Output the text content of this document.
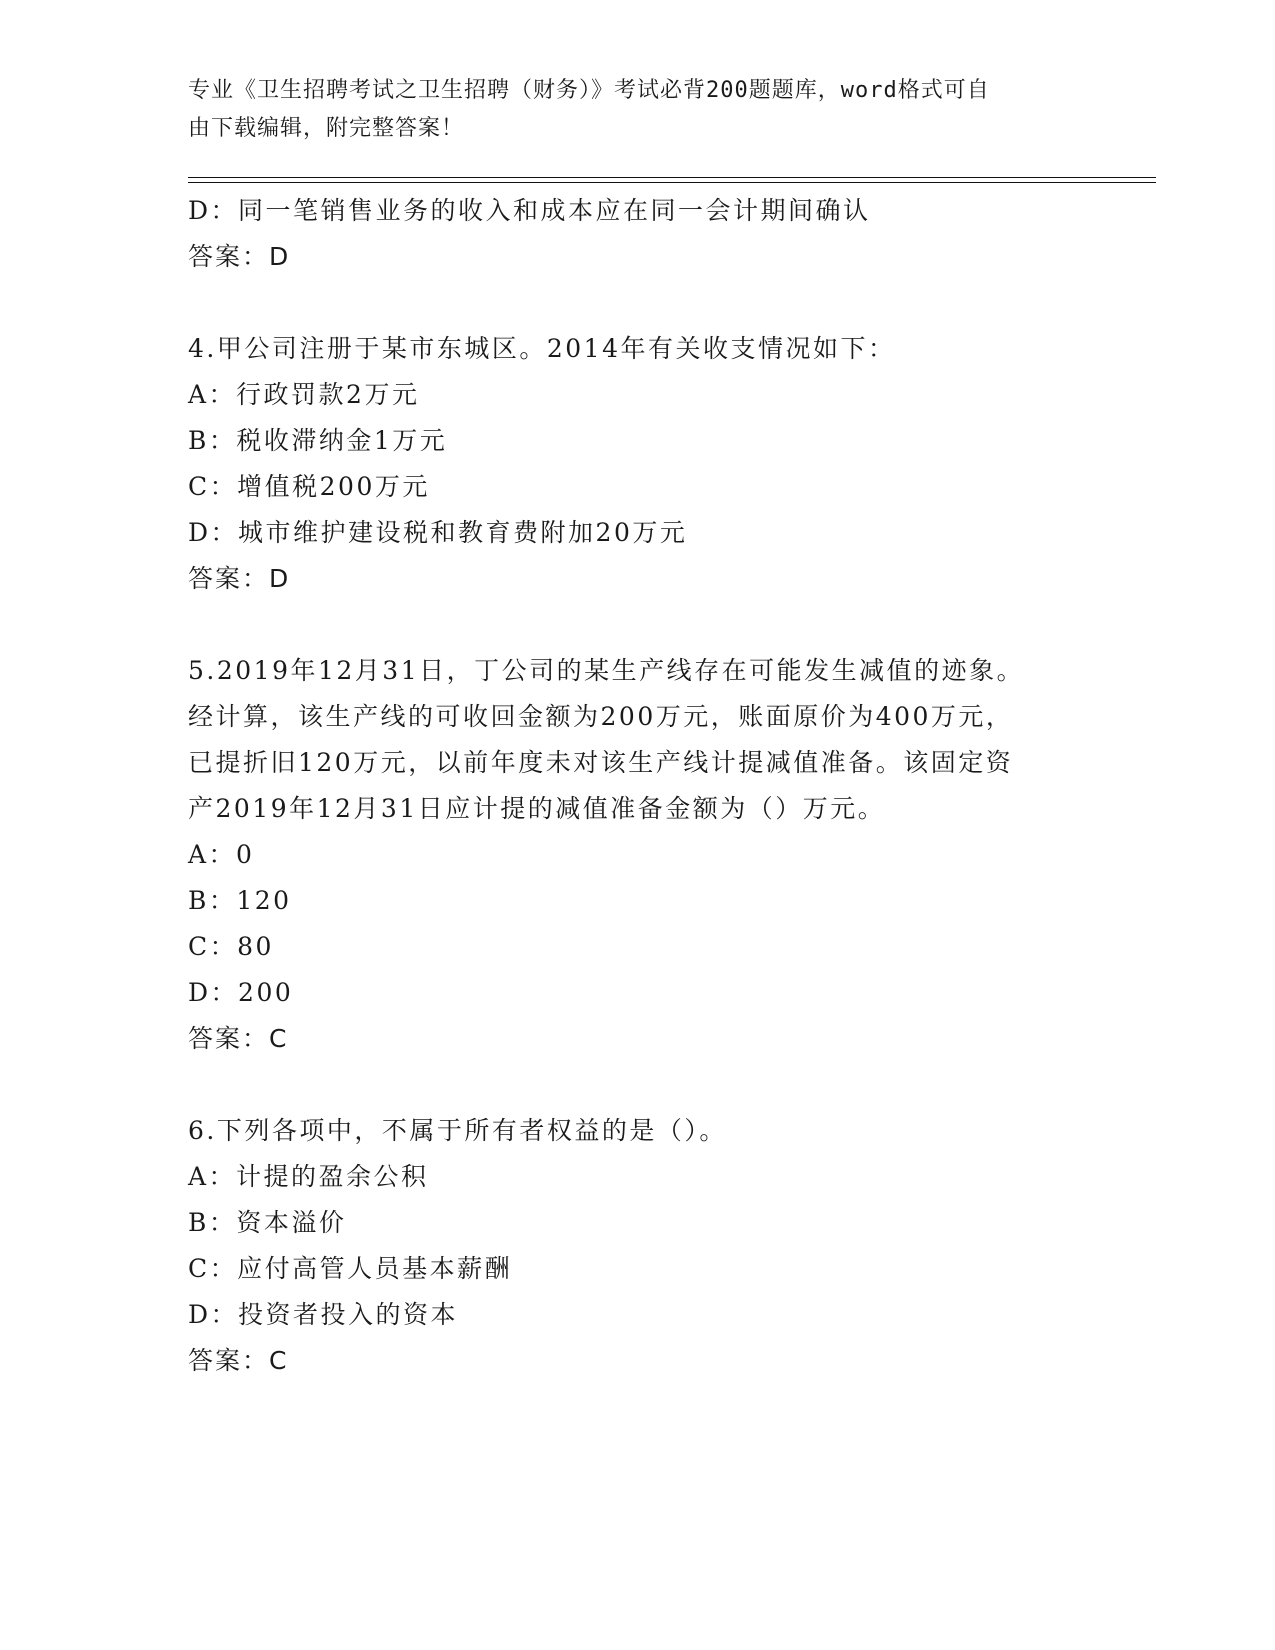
专业《卫生招聘考试之卫生招聘（财务）》考试必背200题题库，word格式可自
由下载编辑，附完整答案！
D：同一笔销售业务的收入和成本应在同一会计期间确认
答案：D
4.甲公司注册于某市东城区。2014年有关收支情况如下：
A：行政罚款2万元
B：税收滞纳金1万元
C：增值税200万元
D：城市维护建设税和教育费附加20万元
答案：D
5.2019年12月31日，丁公司的某生产线存在可能发生减值的迹象。
经计算，该生产线的可收回金额为200万元，账面原价为400万元，
已提折旧120万元，以前年度未对该生产线计提减值准备。该固定资
产2019年12月31日应计提的减值准备金额为（）万元。
A：0
B：120
C：80
D：200
答案：C
6.下列各项中，不属于所有者权益的是（）。
A：计提的盈余公积
B：资本溢价
C：应付高管人员基本薪酬
D：投资者投入的资本
答案：C
